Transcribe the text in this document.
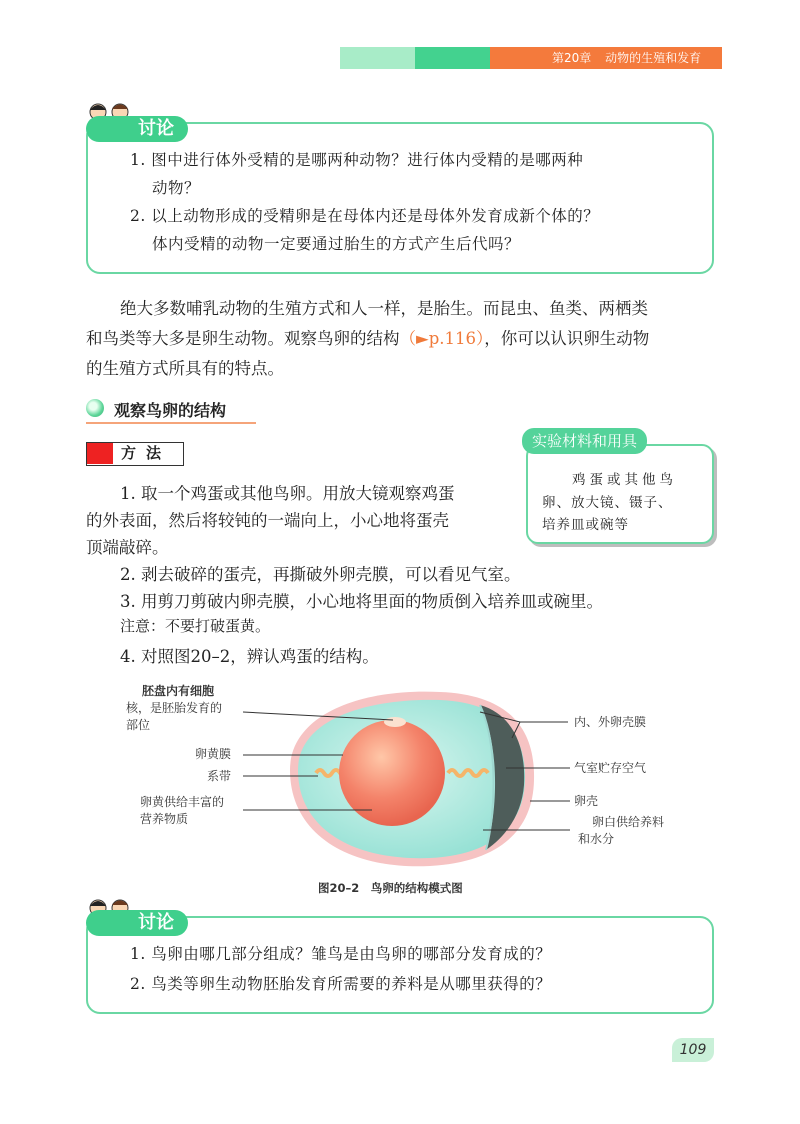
第20章 动物的生殖和发育
讨论
1. 图中进行体外受精的是哪两种动物？进行体内受精的是哪两种
动物？
2. 以上动物形成的受精卵是在母体内还是母体外发育成新个体的？
体内受精的动物一定要通过胎生的方式产生后代吗？
绝大多数哺乳动物的生殖方式和人一样，是胎生。而昆虫、鱼类、两栖类
和鸟类等大多是卵生动物。观察鸟卵的结构（►p.116），你可以认识卵生动物
的生殖方式所具有的特点。
观察鸟卵的结构
方法
实验材料和用具
鸡蛋或其他鸟
卵、放大镜、镊子、
培养皿或碗等
1. 取一个鸡蛋或其他鸟卵。用放大镜观察鸡蛋
的外表面，然后将较钝的一端向上，小心地将蛋壳
顶端敲碎。
2. 剥去破碎的蛋壳，再撕破外卵壳膜，可以看见气室。
3. 用剪刀剪破内卵壳膜，小心地将里面的物质倒入培养皿或碗里。
注意：不要打破蛋黄。
4. 对照图20–2，辨认鸡蛋的结构。
胚盘内有细胞
核，是胚胎发育的
部位
卵黄膜
系带
卵黄供给丰富的
营养物质
内、外卵壳膜
气室贮存空气
卵壳
卵白供给养料
和水分
图20–2　鸟卵的结构模式图
讨论
1. 鸟卵由哪几部分组成？雏鸟是由鸟卵的哪部分发育成的？
2. 鸟类等卵生动物胚胎发育所需要的养料是从哪里获得的？
109
